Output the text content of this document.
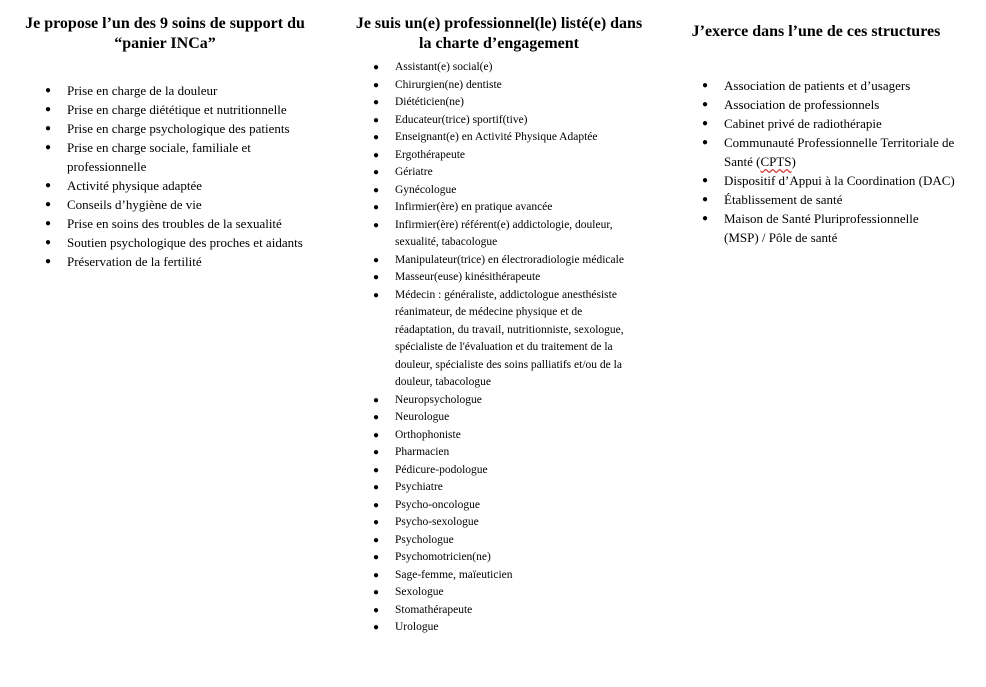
Je propose l’un des 9 soins de support du “panier INCa”
● Prise en charge de la douleur
● Prise en charge diététique et nutritionnelle
● Prise en charge psychologique des patients
● Prise en charge sociale, familiale et professionnelle
● Activité physique adaptée
● Conseils d’hygiène de vie
● Prise en soins des troubles de la sexualité
● Soutien psychologique des proches et aidants
● Préservation de la fertilité
Je suis un(e) professionnel(le) listé(e) dans la charte d’engagement
● Assistant(e) social(e)
● Chirurgien(ne) dentiste
● Diététicien(ne)
● Educateur(trice) sportif(tive)
● Enseignant(e) en Activité Physique Adaptée
● Ergothérapeute
● Gériatre
● Gynécologue
● Infirmier(ère) en pratique avancée
● Infirmier(ère) référent(e) addictologie, douleur, sexualité, tabacologue
● Manipulateur(trice) en électroradiologie médicale
● Masseur(euse) kinésithérapeute
● Médecin : généraliste, addictologue anesthésiste réanimateur, de médecine physique et de réadaptation, du travail, nutritionniste, sexologue, spécialiste de l'évaluation et du traitement de la douleur, spécialiste des soins palliatifs et/ou de la douleur, tabacologue
● Neuropsychologue
● Neurologue
● Orthophoniste
● Pharmacien
● Pédicure-podologue
● Psychiatre
● Psycho-oncologue
● Psycho-sexologue
● Psychologue
● Psychomotricien(ne)
● Sage-femme, maïeuticien
● Sexologue
● Stomathérapeute
● Urologue
J’exerce dans l’une de ces structures
● Association de patients et d’usagers
● Association de professionnels
● Cabinet privé de radiothérapie
● Communauté Professionnelle Territoriale de Santé (CPTS)
● Dispositif d’Appui à la Coordination (DAC)
● Établissement de santé
● Maison de Santé Pluriprofessionnelle (MSP) / Pôle de santé
